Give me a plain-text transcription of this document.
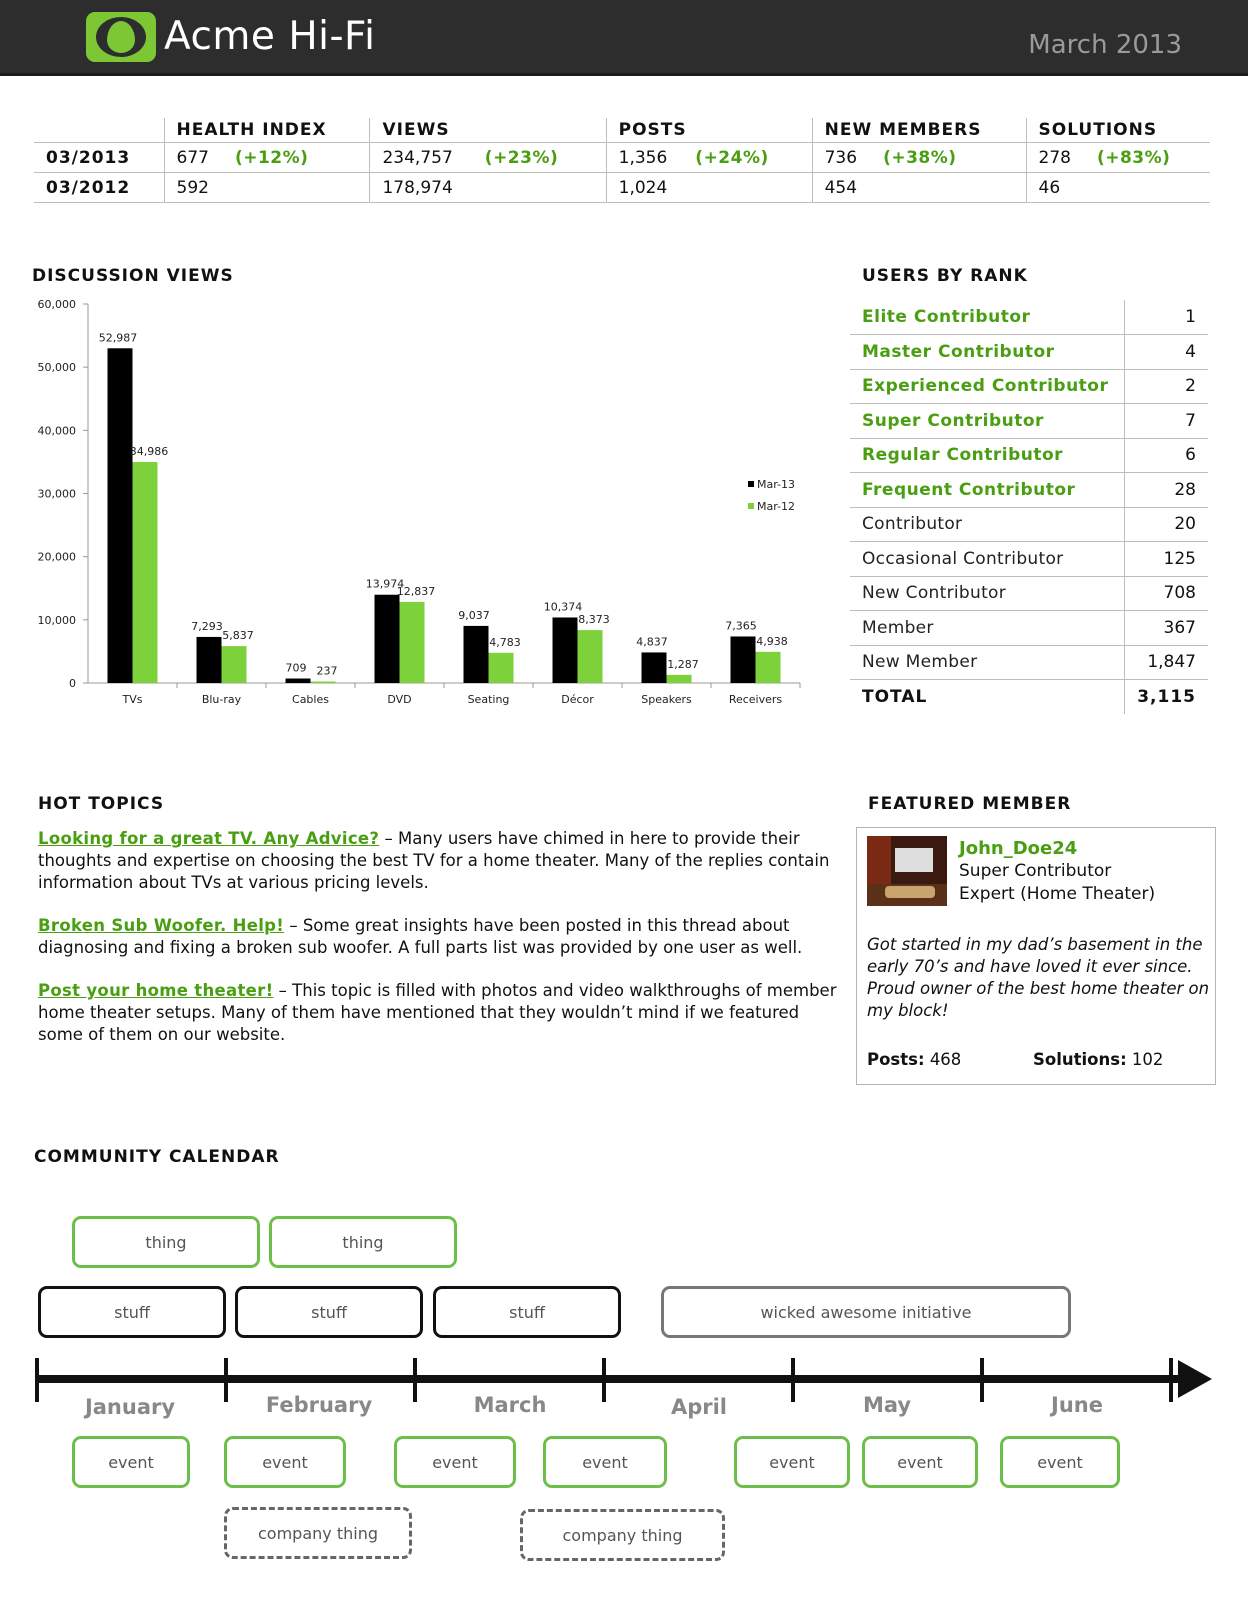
Acme Hi-Fi	March 2013
	HEALTH INDEX	VIEWS	POSTS	NEW MEMBERS	SOLUTIONS
03/2013	677 (+12%)	234,757 (+23%)	1,356 (+24%)	736 (+38%)	278 (+83%)
03/2012	592	178,974	1,024	454	46
DISCUSSION VIEWS
0
10,000
20,000
30,000
40,000
50,000
60,000
TVs
52,987
34,986
Blu-ray
7,293
5,837
Cables
709 237
DVD
13,974
12,837
Seating
9,037
4,783
Décor
10,374
8,373
Speakers
4,837
1,287
Receivers
7,365
4,938
Mar-13
Mar-12
USERS BY RANK
Elite Contributor	1
Master Contributor	4
Experienced Contributor	2
Super Contributor	7
Regular Contributor	6
Frequent Contributor	28
Contributor	20
Occasional Contributor	125
New Contributor	708
Member	367
New Member	1,847
TOTAL	3,115
HOT TOPICS

Looking for a great TV. Any Advice? – Many users have chimed in here to provide their thoughts and expertise on choosing the best TV for a home theater. Many of the replies contain information about TVs at various pricing levels.

Broken Sub Woofer. Help! – Some great insights have been posted in this thread about diagnosing and fixing a broken sub woofer. A full parts list was provided by one user as well.

Post your home theater! – This topic is filled with photos and video walkthroughs of member home theater setups. Many of them have mentioned that they wouldn’t mind if we featured some of them on our website.

FEATURED MEMBER
John_Doe24
Super Contributor
Expert (Home Theater)
Got started in my dad’s basement in the early 70’s and have loved it ever since. Proud owner of the best home theater on my block!
Posts: 468	Solutions: 102
COMMUNITY CALENDAR
thing	thing
stuff	stuff	stuff	wicked awesome initiative
January	February	March	April	May	June
event	event	event	event	event	event	event
company thing	company thing
